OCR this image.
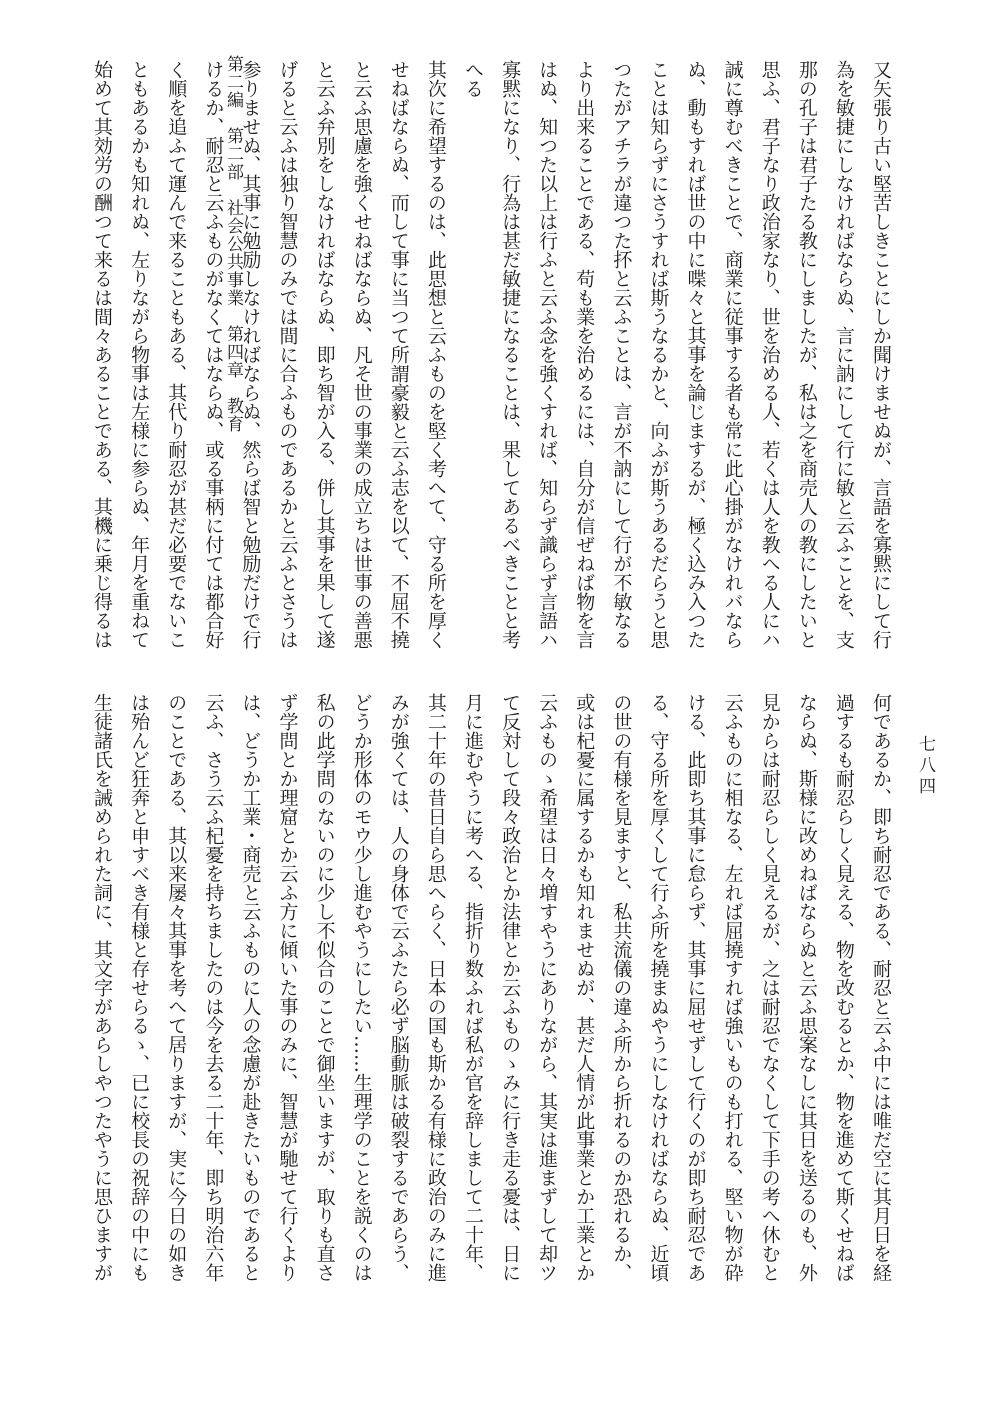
第二編　第二部　社会公共事業　第四章　教育
七八四
又矢張り古い堅苦しきことにしか聞けませぬが、言語を寡黙にして行
為を敏捷にしなければならぬ、言に訥にして行に敏と云ふことを、支
那の孔子は君子たる教にしましたが、私は之を商売人の教にしたいと
思ふ、君子なり政治家なり、世を治める人、若くは人を教へる人にハ
誠に尊むべきことで、商業に従事する者も常に此心掛がなけれバなら
ぬ、動もすれば世の中に喋々と其事を論じまするが、極く込み入つた
ことは知らずにさうすれば斯うなるかと、向ふが斯うあるだらうと思
つたがアチラが違つた抔と云ふことは、言が不訥にして行が不敏なる
より出来ることである、苟も業を治めるには、自分が信ぜねば物を言
はぬ、知つた以上は行ふと云ふ念を強くすれば、知らず識らず言語ハ
寡黙になり、行為は甚だ敏捷になることは、果してあるべきことと考
へる
其次に希望するのは、此思想と云ふものを堅く考へて、守る所を厚く
せねばならぬ、而して事に当つて所謂豪毅と云ふ志を以て、不屈不撓
と云ふ思慮を強くせねばならぬ、凡そ世の事業の成立ちは世事の善悪
と云ふ弁別をしなければならぬ、即ち智が入る、併し其事を果して遂
げると云ふは独り智慧のみでは間に合ふものであるかと云ふとさうは
参りませぬ、其事に勉励しなければならぬ、然らば智と勉励だけで行
けるか、耐忍と云ふものがなくてはならぬ、或る事柄に付ては都合好
く順を追ふて運んで来ることもある、其代り耐忍が甚だ必要でないこ
ともあるかも知れぬ、左りながら物事は左様に参らぬ、年月を重ねて
始めて其効労の酬つて来るは間々あることである、其機に乗じ得るは
何であるか、即ち耐忍である、耐忍と云ふ中には唯だ空に其月日を経
過するも耐忍らしく見える、物を改むるとか、物を進めて斯くせねば
ならぬ、斯様に改めねばならぬと云ふ思案なしに其日を送るのも、外
見からは耐忍らしく見えるが、之は耐忍でなくして下手の考へ休むと
云ふものに相なる、左れば屈撓すれば強いものも打れる、堅い物が砕
ける、此即ち其事に怠らず、其事に屈せずして行くのが即ち耐忍であ
る、守る所を厚くして行ふ所を撓まぬやうにしなければならぬ、近頃
の世の有様を見ますと、私共流儀の違ふ所から折れるのか恐れるか、
或は杞憂に属するかも知れませぬが、甚だ人情が此事業とか工業とか
云ふものゝ希望は日々増すやうにありながら、其実は進まずして却ツ
て反対して段々政治とか法律とか云ふものゝみに行き走る憂は、日に
月に進むやうに考へる、指折り数ふれば私が官を辞しまして二十年、
其二十年の昔日自ら思へらく、日本の国も斯かる有様に政治のみに進
みが強くては、人の身体で云ふたら必ず脳動脈は破裂するであらう、
どうか形体のモウ少し進むやうにしたい……生理学のことを説くのは
私の此学問のないのに少し不似合のことで御坐いますが、取りも直さ
ず学問とか理窟とか云ふ方に傾いた事のみに、智慧が馳せて行くより
は、どうか工業・商売と云ふものに人の念慮が赴きたいものであると
云ふ、さう云ふ杞憂を持ちましたのは今を去る二十年、即ち明治六年
のことである、其以来屡々其事を考へて居りますが、実に今日の如き
は殆んど狂奔と申すべき有様と存せらるゝ、已に校長の祝辞の中にも
生徒諸氏を誡められた詞に、其文字があらしやつたやうに思ひますが
